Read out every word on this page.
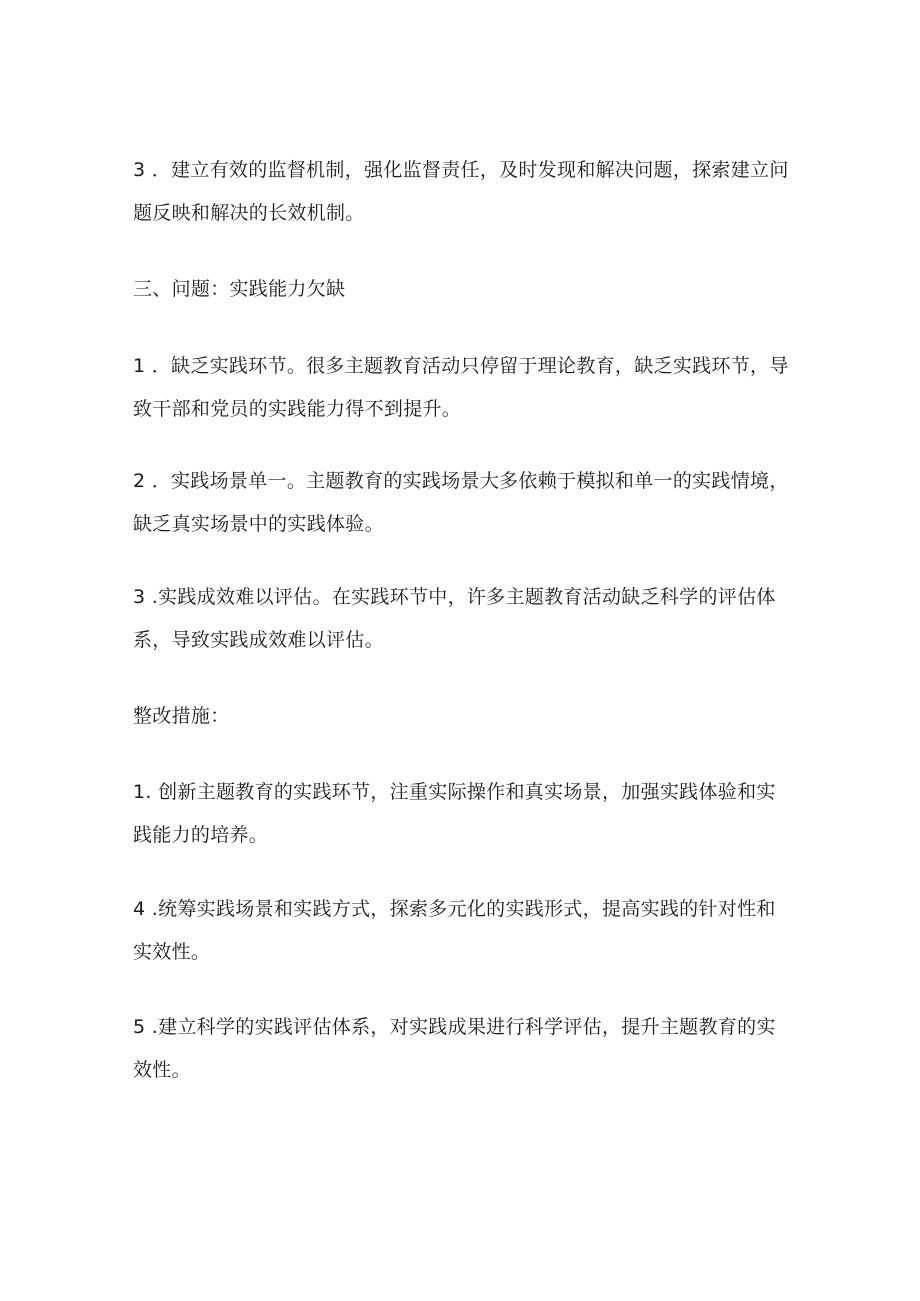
3 ．建立有效的监督机制，强化监督责任，及时发现和解决问题，探索建立问题反映和解决的长效机制。

三、问题：实践能力欠缺

1 ．缺乏实践环节。很多主题教育活动只停留于理论教育，缺乏实践环节，导致干部和党员的实践能力得不到提升。

2 ．实践场景单一。主题教育的实践场景大多依赖于模拟和单一的实践情境，缺乏真实场景中的实践体验。

3 .实践成效难以评估。在实践环节中，许多主题教育活动缺乏科学的评估体系，导致实践成效难以评估。

整改措施：

1. 创新主题教育的实践环节，注重实际操作和真实场景，加强实践体验和实践能力的培养。

4 .统筹实践场景和实践方式，探索多元化的实践形式，提高实践的针对性和实效性。

5 .建立科学的实践评估体系，对实践成果进行科学评估，提升主题教育的实效性。
